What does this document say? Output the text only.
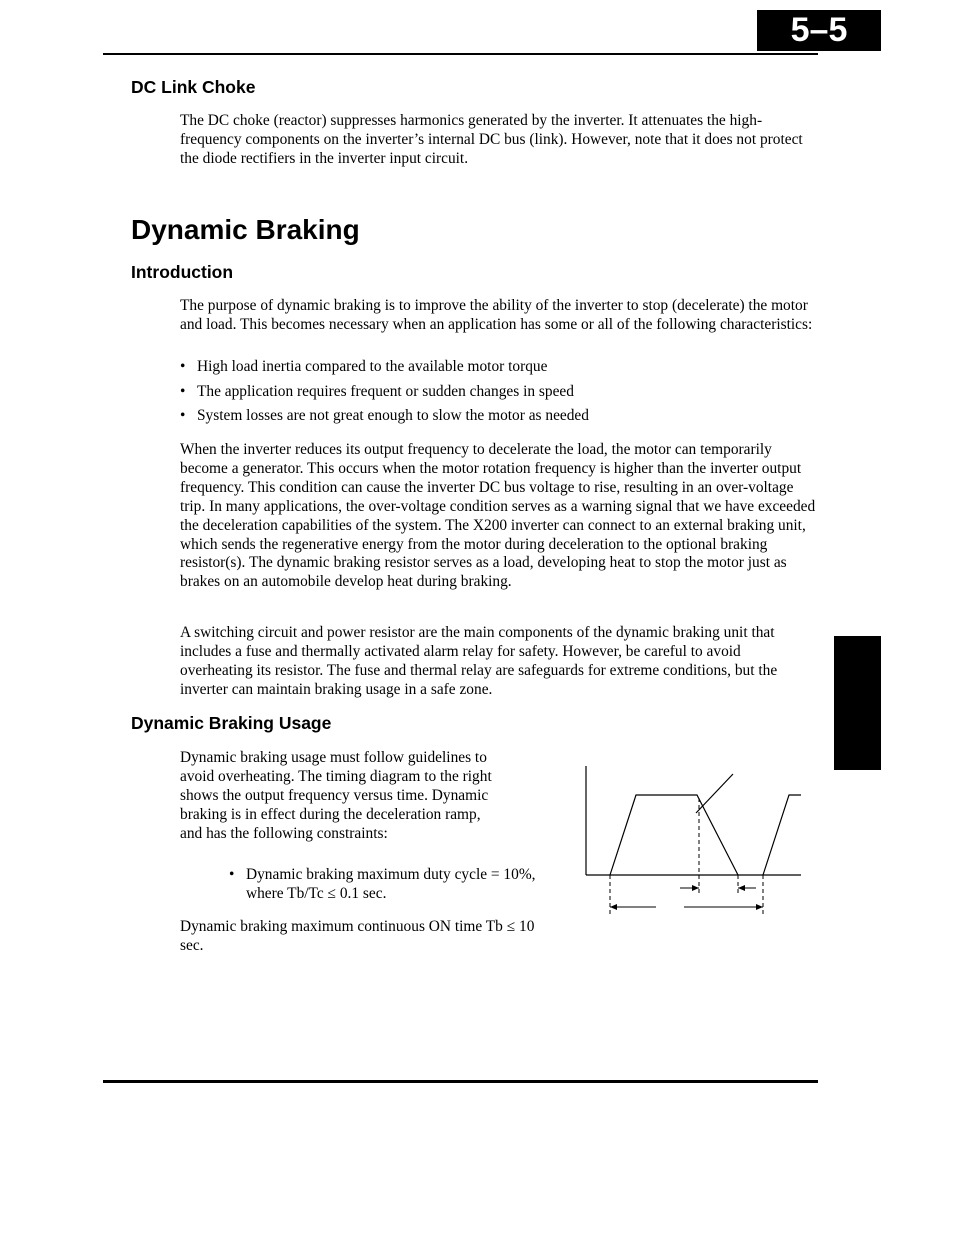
5–5
DC Link Choke

The DC choke (reactor) suppresses harmonics generated by the inverter. It attenuates the high-frequency components on the inverter’s internal DC bus (link). However, note that it does not protect the diode rectifiers in the inverter input circuit.

Dynamic Braking
Introduction

The purpose of dynamic braking is to improve the ability of the inverter to stop (decelerate) the motor and load. This becomes necessary when an application has some or all of the following characteristics:

• High load inertia compared to the available motor torque
• The application requires frequent or sudden changes in speed
• System losses are not great enough to slow the motor as needed

When the inverter reduces its output frequency to decelerate the load, the motor can temporarily become a generator. This occurs when the motor rotation frequency is higher than the inverter output frequency. This condition can cause the inverter DC bus voltage to rise, resulting in an over-voltage trip. In many applications, the over-voltage condition serves as a warning signal that we have exceeded the deceleration capabilities of the system. The X200 inverter can connect to an external braking unit, which sends the regenerative energy from the motor during deceleration to the optional braking resistor(s). The dynamic braking resistor serves as a load, developing heat to stop the motor just as brakes on an automobile develop heat during braking.

A switching circuit and power resistor are the main components of the dynamic braking unit that includes a fuse and thermally activated alarm relay for safety. However, be careful to avoid overheating its resistor. The fuse and thermal relay are safeguards for extreme conditions, but the inverter can maintain braking usage in a safe zone.

Dynamic Braking Usage

Dynamic braking usage must follow guidelines to avoid overheating. The timing diagram to the right shows the output frequency versus time. Dynamic braking is in effect during the deceleration ramp, and has the following constraints:

• Dynamic braking maximum duty cycle = 10%, where Tb/Tc ≤ 0.1 sec.

Dynamic braking maximum continuous ON time Tb ≤ 10 sec.
